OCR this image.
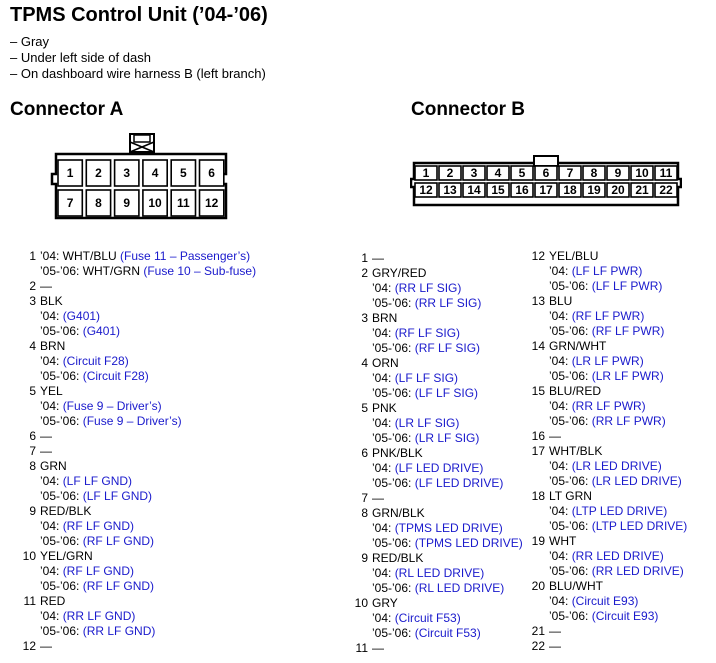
TPMS Control Unit (’04-’06)
– Gray
– Under left side of dash
– On dashboard wire harness B (left branch)
Connector A	Connector B
1 2 3 4 5 6
7 8 9 10 11 12
1 2 3 4 5 6 7 8 9 10 11
12 13 14 15 16 17 18 19 20 21 22
1 ’04: WHT/BLU (Fuse 11 – Passenger’s)
’05-’06: WHT/GRN (Fuse 10 – Sub-fuse)
2 —
3 BLK
’04: (G401)
’05-’06: (G401)
4 BRN
’04: (Circuit F28)
’05-’06: (Circuit F28)
5 YEL
’04: (Fuse 9 – Driver’s)
’05-’06: (Fuse 9 – Driver’s)
6 —
7 —
8 GRN
’04: (LF LF GND)
’05-’06: (LF LF GND)
9 RED/BLK
’04: (RF LF GND)
’05-’06: (RF LF GND)
10 YEL/GRN
’04: (RF LF GND)
’05-’06: (RF LF GND)
11 RED
’04: (RR LF GND)
’05-’06: (RR LF GND)
12 —
1 —
2 GRY/RED
’04: (RR LF SIG)
’05-’06: (RR LF SIG)
3 BRN
’04: (RF LF SIG)
’05-’06: (RF LF SIG)
4 ORN
’04: (LF LF SIG)
’05-’06: (LF LF SIG)
5 PNK
’04: (LR LF SIG)
’05-’06: (LR LF SIG)
6 PNK/BLK
’04: (LF LED DRIVE)
’05-’06: (LF LED DRIVE)
7 —
8 GRN/BLK
’04: (TPMS LED DRIVE)
’05-’06: (TPMS LED DRIVE)
9 RED/BLK
’04: (RL LED DRIVE)
’05-’06: (RL LED DRIVE)
10 GRY
’04: (Circuit F53)
’05-’06: (Circuit F53)
11 —
12 YEL/BLU
’04: (LF LF PWR)
’05-’06: (LF LF PWR)
13 BLU
’04: (RF LF PWR)
’05-’06: (RF LF PWR)
14 GRN/WHT
’04: (LR LF PWR)
’05-’06: (LR LF PWR)
15 BLU/RED
’04: (RR LF PWR)
’05-’06: (RR LF PWR)
16 —
17 WHT/BLK
’04: (LR LED DRIVE)
’05-’06: (LR LED DRIVE)
18 LT GRN
’04: (LTP LED DRIVE)
’05-’06: (LTP LED DRIVE)
19 WHT
’04: (RR LED DRIVE)
’05-’06: (RR LED DRIVE)
20 BLU/WHT
’04: (Circuit E93)
’05-’06: (Circuit E93)
21 —
22 —
